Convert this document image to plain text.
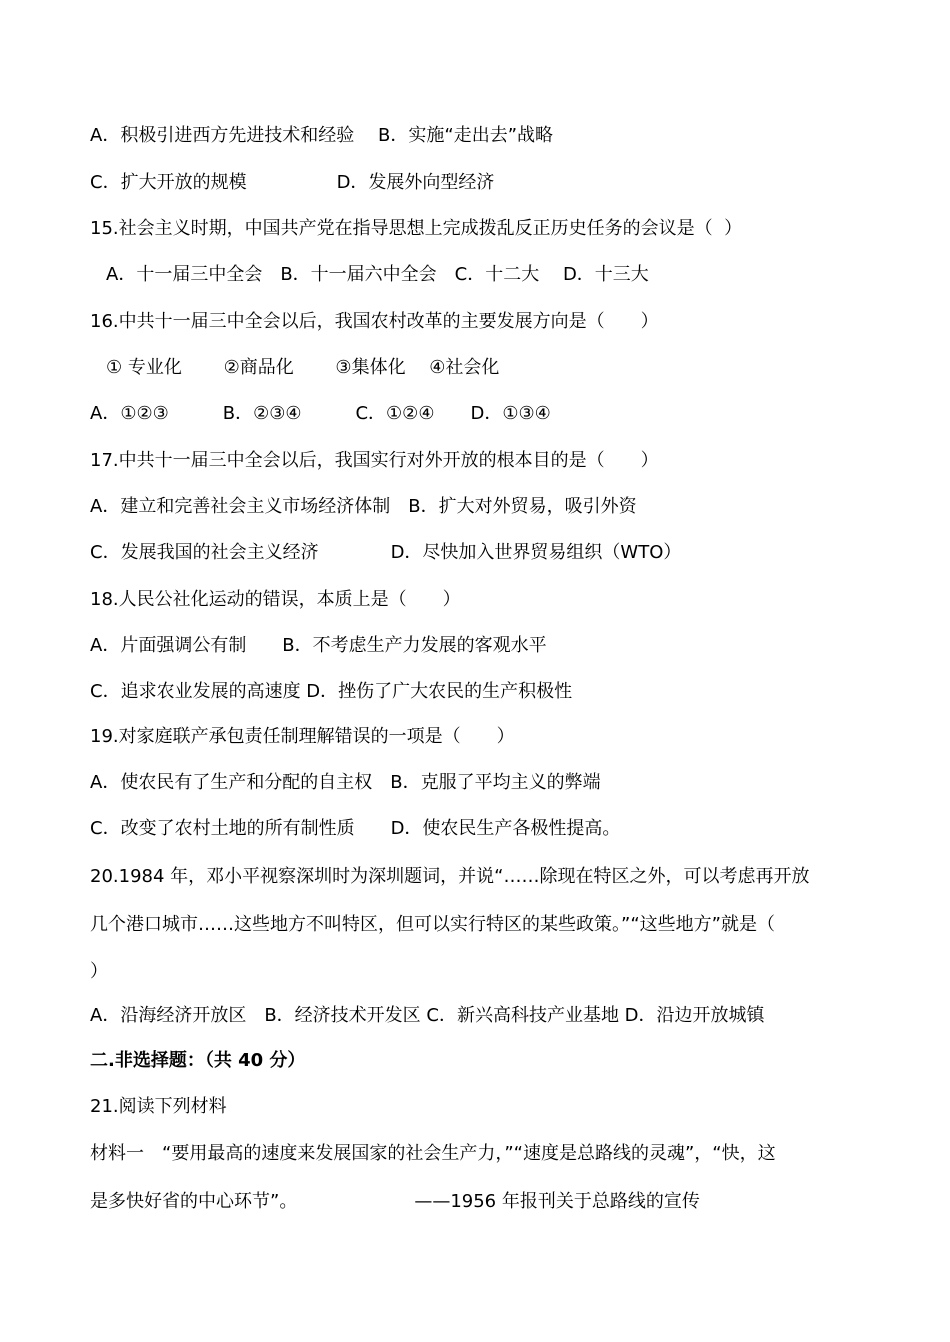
A．积极引进西方先进技术和经验　 B．实施“走出去”战略
C．扩大开放的规模　　　　　D．发展外向型经济
15.社会主义时期，中国共产党在指导思想上完成拨乱反正历史任务的会议是（  ）
A．十一届三中全会　B．十一届六中全会　C．十二大　 D．十三大
16.中共十一届三中全会以后，我国农村改革的主要发展方向是（　　）
① 专业化　　 ②商品化　　 ③集体化　 ④社会化
A．①②③　　　B．②③④　　　C．①②④　　D．①③④
17.中共十一届三中全会以后，我国实行对外开放的根本目的是（　　）
A．建立和完善社会主义市场经济体制　B．扩大对外贸易，吸引外资
C．发展我国的社会主义经济　　　　D．尽快加入世界贸易组织（WTO）
18.人民公社化运动的错误，本质上是（　　）
A．片面强调公有制　　B．不考虑生产力发展的客观水平
C．追求农业发展的高速度 D．挫伤了广大农民的生产积极性
19.对家庭联产承包责任制理解错误的一项是（　　）
A．使农民有了生产和分配的自主权　B．克服了平均主义的弊端
C．改变了农村土地的所有制性质　　D．使农民生产各极性提高。
20.1984 年，邓小平视察深圳时为深圳题词，并说“……除现在特区之外，可以考虑再开放
几个港口城市……这些地方不叫特区，但可以实行特区的某些政策。”“这些地方”就是（
）
A．沿海经济开放区　B．经济技术开发区 C．新兴高科技产业基地 D．沿边开放城镇
二.非选择题：（共 40 分）
21.阅读下列材料
材料一　“要用最高的速度来发展国家的社会生产力，”“速度是总路线的灵魂”，“快，这
是多快好省的中心环节”。　　　　　　　——1956 年报刊关于总路线的宣传
